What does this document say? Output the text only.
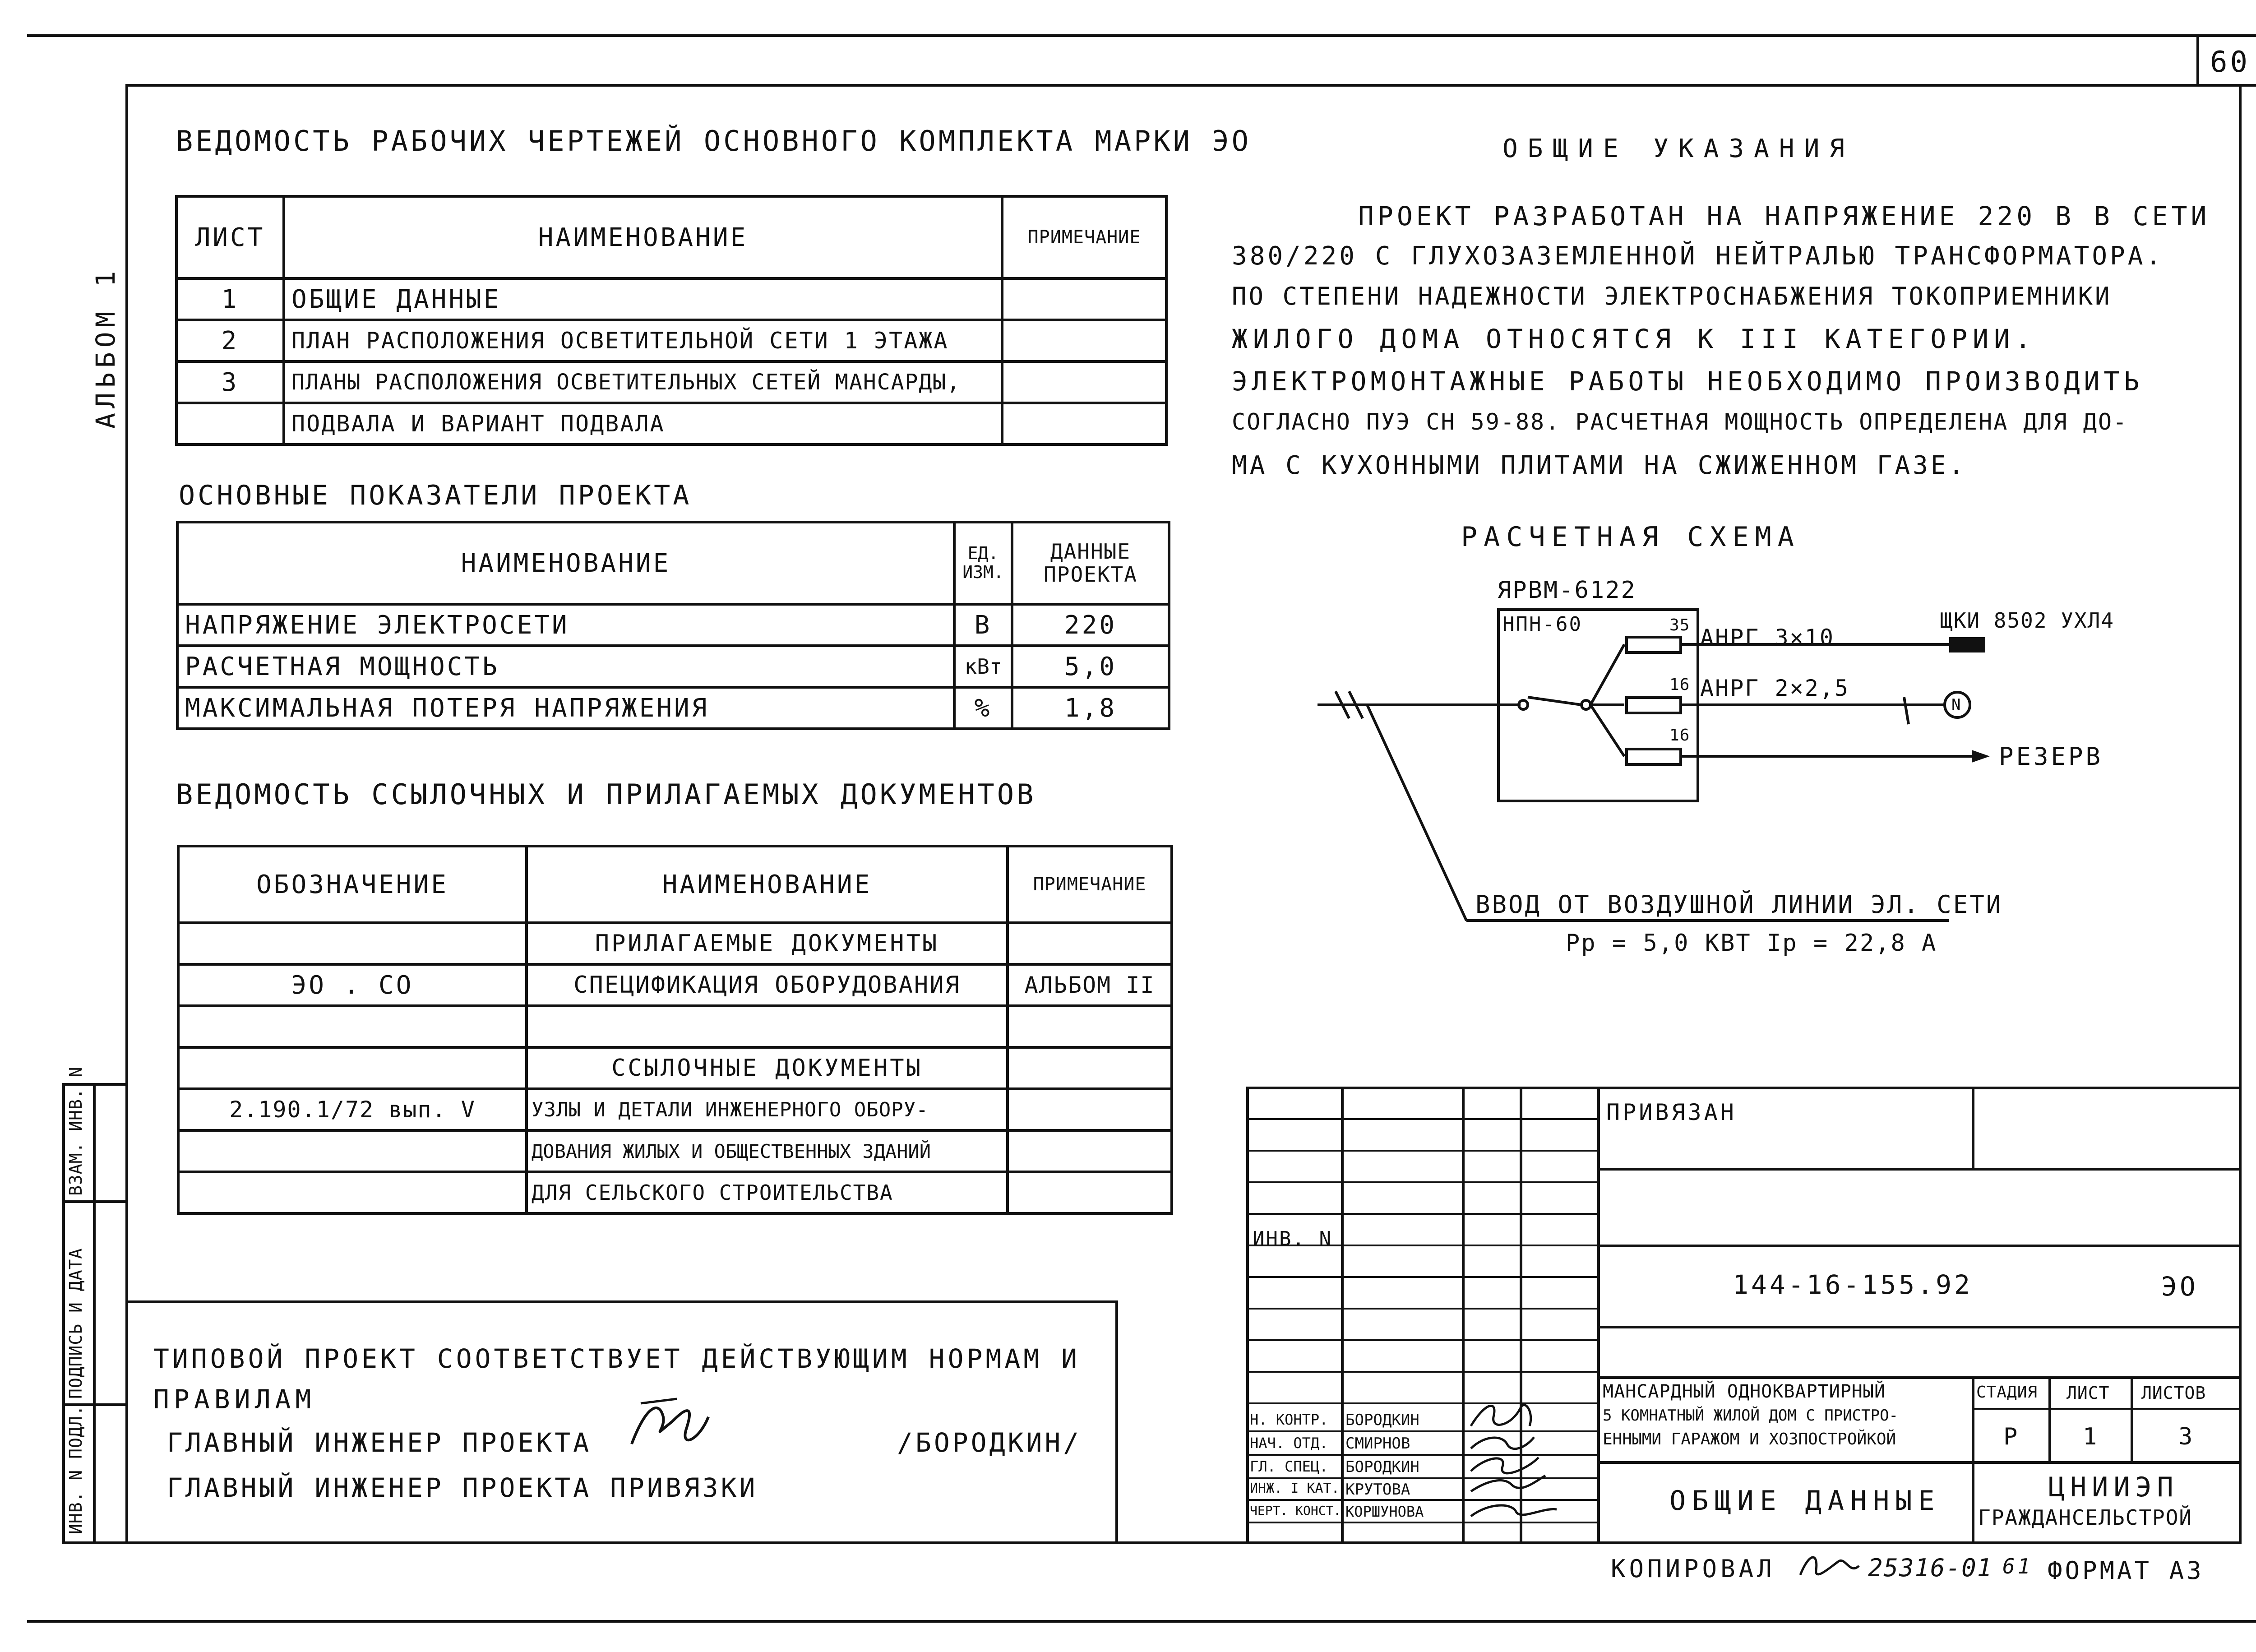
60
АЛЬБОМ 1
ИНВ. N ПОДЛ.
ПОДПИСЬ И ДАТА
ВЗАМ. ИНВ. N
ВЕДОМОСТЬ РАБОЧИХ ЧЕРТЕЖЕЙ ОСНОВНОГО КОМПЛЕКТА МАРКИ ЭО
ЛИСТ	НАИМЕНОВАНИЕ	ПРИМЕЧАНИЕ
1	ОБЩИЕ ДАННЫЕ	
2	ПЛАН РАСПОЛОЖЕНИЯ ОСВЕТИТЕЛЬНОЙ СЕТИ 1 ЭТАЖА	
3	ПЛАНЫ РАСПОЛОЖЕНИЯ ОСВЕТИТЕЛЬНЫХ СЕТЕЙ МАНСАРДЫ,	
	ПОДВАЛА И ВАРИАНТ ПОДВАЛА	
ОСНОВНЫЕ ПОКАЗАТЕЛИ ПРОЕКТА
НАИМЕНОВАНИЕ	ЕД. ИЗМ.	ДАННЫЕ ПРОЕКТА
НАПРЯЖЕНИЕ ЭЛЕКТРОСЕТИ	В	220
РАСЧЕТНАЯ МОЩНОСТЬ	кВт	5,0
МАКСИМАЛЬНАЯ ПОТЕРЯ НАПРЯЖЕНИЯ	%	1,8
ВЕДОМОСТЬ ССЫЛОЧНЫХ И ПРИЛАГАЕМЫХ ДОКУМЕНТОВ
ОБОЗНАЧЕНИЕ	НАИМЕНОВАНИЕ	ПРИМЕЧАНИЕ
	ПРИЛАГАЕМЫЕ ДОКУМЕНТЫ	
ЭО . СО	СПЕЦИФИКАЦИЯ ОБОРУДОВАНИЯ	АЛЬБОМ II

	ССЫЛОЧНЫЕ ДОКУМЕНТЫ	
2.190.1/72 вып. V	УЗЛЫ И ДЕТАЛИ ИНЖЕНЕРНОГО ОБОРУ-	
	ДОВАНИЯ ЖИЛЫХ И ОБЩЕСТВЕННЫХ ЗДАНИЙ	
	ДЛЯ СЕЛЬСКОГО СТРОИТЕЛЬСТВА	
ОБЩИЕ УКАЗАНИЯ
ПРОЕКТ РАЗРАБОТАН НА НАПРЯЖЕНИЕ 220 В В СЕТИ
380/220 С ГЛУХОЗАЗЕМЛЕННОЙ НЕЙТРАЛЬЮ ТРАНСФОРМАТОРА.
ПО СТЕПЕНИ НАДЕЖНОСТИ ЭЛЕКТРОСНАБЖЕНИЯ ТОКОПРИЕМНИКИ
ЖИЛОГО ДОМА ОТНОСЯТСЯ К III КАТЕГОРИИ.
ЭЛЕКТРОМОНТАЖНЫЕ РАБОТЫ НЕОБХОДИМО ПРОИЗВОДИТЬ
СОГЛАСНО ПУЭ СН 59-88. РАСЧЕТНАЯ МОЩНОСТЬ ОПРЕДЕЛЕНА ДЛЯ ДО-
МА С КУХОННЫМИ ПЛИТАМИ НА СЖИЖЕННОМ ГАЗЕ.
РАСЧЕТНАЯ СХЕМА
ЯРВМ-6122
НПН-60	35
16
16
АНРГ 3×10
АНРГ 2×2,5
N
ЩКИ 8502 УХЛ4
РЕЗЕРВ
ВВОД ОТ ВОЗДУШНОЙ ЛИНИИ ЭЛ. СЕТИ
Рр = 5,0 КВТ Ір = 22,8 А
ТИПОВОЙ ПРОЕКТ СООТВЕТСТВУЕТ ДЕЙСТВУЮЩИМ НОРМАМ И
ПРАВИЛАМ
ГЛАВНЫЙ ИНЖЕНЕР ПРОЕКТА	/БОРОДКИН/
ГЛАВНЫЙ ИНЖЕНЕР ПРОЕКТА ПРИВЯЗКИ
ПРИВЯЗАН
ИНВ. N
144-16-155.92	ЭО
МАНСАРДНЫЙ ОДНОКВАРТИРНЫЙ
5 КОМНАТНЫЙ ЖИЛОЙ ДОМ С ПРИСТРО-
ЕННЫМИ ГАРАЖОМ И ХОЗПОСТРОЙКОЙ
СТАДИЯ ЛИСТ ЛИСТОВ
Р	1	3
ОБЩИЕ ДАННЫЕ	ЦНИИЭП
ГРАЖДАНСЕЛЬСТРОЙ
Н. КОНТР. БОРОДКИН
НАЧ. ОТД. СМИРНОВ
ГЛ. СПЕЦ. БОРОДКИН
ИНЖ. I КАТ. КРУТОВА
ЧЕРТ. КОНСТ. КОРШУНОВА
КОПИРОВАЛ	25316-01 61 ФОРМАТ А3
